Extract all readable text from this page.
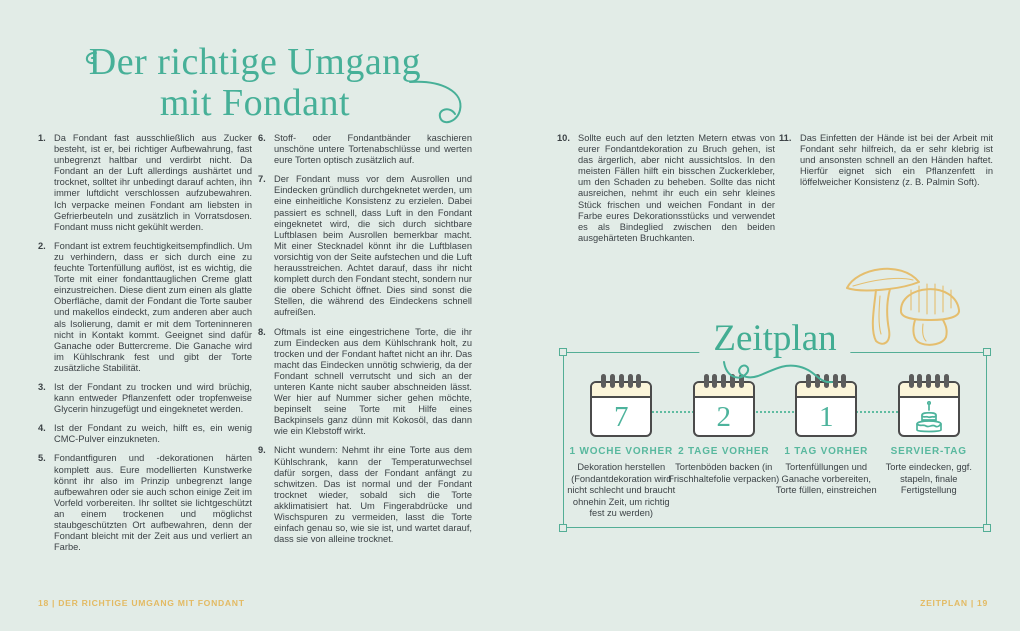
Der richtige Umgang
mit Fondant
1. Da Fondant fast ausschließlich aus Zucker besteht, ist er, bei richtiger Aufbewahrung, fast unbegrenzt haltbar und verdirbt nicht. Da Fondant an der Luft allerdings aushärtet und trocknet, solltet ihr unbedingt darauf achten, ihn immer luftdicht verschlossen aufzubewahren. Ich verpacke meinen Fondant am liebsten in Gefrierbeuteln und zusätzlich in Vorratsdosen. Fondant muss nicht gekühlt werden.
2. Fondant ist extrem feuchtigkeitsempfindlich. Um zu verhindern, dass er sich durch eine zu feuchte Tortenfüllung auflöst, ist es wichtig, die Torte mit einer fondanttauglichen Creme glatt einzustreichen. Diese dient zum einen als glatte Oberfläche, damit der Fondant die Torte sauber und makellos eindeckt, zum anderen aber auch als Isolierung, damit er mit dem Torteninneren nicht in Kontakt kommt. Geeignet sind dafür Ganache oder Buttercreme. Die Ganache wird im Kühlschrank fest und gibt der Torte zusätzliche Stabilität.
3. Ist der Fondant zu trocken und wird brüchig, kann entweder Pflanzenfett oder tropfenweise Glycerin hinzugefügt und eingeknetet werden.
4. Ist der Fondant zu weich, hilft es, ein wenig CMC-Pulver einzukneten.
5. Fondantfiguren und -dekorationen härten komplett aus. Eure modellierten Kunstwerke könnt ihr also im Prinzip unbegrenzt lange aufbewahren oder sie auch schon einige Zeit im Vorfeld vorbereiten. Ihr solltet sie lichtgeschützt an einem trockenen und möglichst staubgeschützten Ort aufbewahren, denn der Fondant bleicht mit der Zeit aus und verliert an Farbe.
6. Stoff- oder Fondantbänder kaschieren unschöne untere Tortenabschlüsse und werten eure Torten optisch zusätzlich auf.
7. Der Fondant muss vor dem Ausrollen und Eindecken gründlich durchgeknetet werden, um eine einheitliche Konsistenz zu erzielen. Dabei passiert es schnell, dass Luft in den Fondant eingeknetet wird, die sich durch sichtbare Luftblasen beim Ausrollen bemerkbar macht. Mit einer Stecknadel könnt ihr die Luftblasen vorsichtig von der Seite aufstechen und die Luft herausstreichen. Achtet darauf, dass ihr nicht komplett durch den Fondant stecht, sondern nur die obere Schicht öffnet. Dies sind sonst die Stellen, die während des Eindeckens schnell aufreißen.
8. Oftmals ist eine eingestrichene Torte, die ihr zum Eindecken aus dem Kühlschrank holt, zu trocken und der Fondant haftet nicht an ihr. Das macht das Eindecken unnötig schwierig, da der Fondant schnell verrutscht und sich an der unteren Kante nicht sauber abschneiden lässt. Wer hier auf Nummer sicher gehen möchte, bepinselt seine Torte mit Hilfe eines Backpinsels ganz dünn mit Kokosöl, das dann wie ein Klebstoff wirkt.
9. Nicht wundern: Nehmt ihr eine Torte aus dem Kühlschrank, kann der Temperaturwechsel dafür sorgen, dass der Fondant anfängt zu schwitzen. Das ist normal und der Fondant trocknet wieder, sobald sich die Torte akklimatisiert hat. Um Fingerabdrücke und Wischspuren zu vermeiden, lasst die Torte einfach genau so, wie sie ist, und wartet darauf, dass sie von alleine trocknet.
10. Sollte euch auf den letzten Metern etwas von eurer Fondantdekoration zu Bruch gehen, ist das ärgerlich, aber nicht aussichtslos. In den meisten Fällen hilft ein bisschen Zuckerkleber, um den Schaden zu beheben. Sollte das nicht ausreichen, nehmt ihr euch ein sehr kleines Stück frischen und weichen Fondant in der Farbe eures Dekorationsstücks und verwendet es als Bindeglied zwischen den beiden ausgehärteten Bruchkanten.
11. Das Einfetten der Hände ist bei der Arbeit mit Fondant sehr hilfreich, da er sehr klebrig ist und ansonsten schnell an den Händen haftet. Hierfür eignet sich ein Pflanzenfett in löffelweicher Konsistenz (z. B. Palmin Soft).
Zeitplan
7
1 WOCHE VORHER
Dekoration herstellen (Fondantdekoration wird nicht schlecht und braucht ohnehin Zeit, um richtig fest zu werden)
2
2 TAGE VORHER
Tortenböden backen (in Frischhaltefolie verpacken)
1
1 TAG VORHER
Tortenfüllungen und Ganache vorbereiten, Torte füllen, einstreichen
SERVIER-TAG
Torte eindecken, ggf. stapeln, finale Fertigstellung
18 | DER RICHTIGE UMGANG MIT FONDANT	ZEITPLAN | 19
